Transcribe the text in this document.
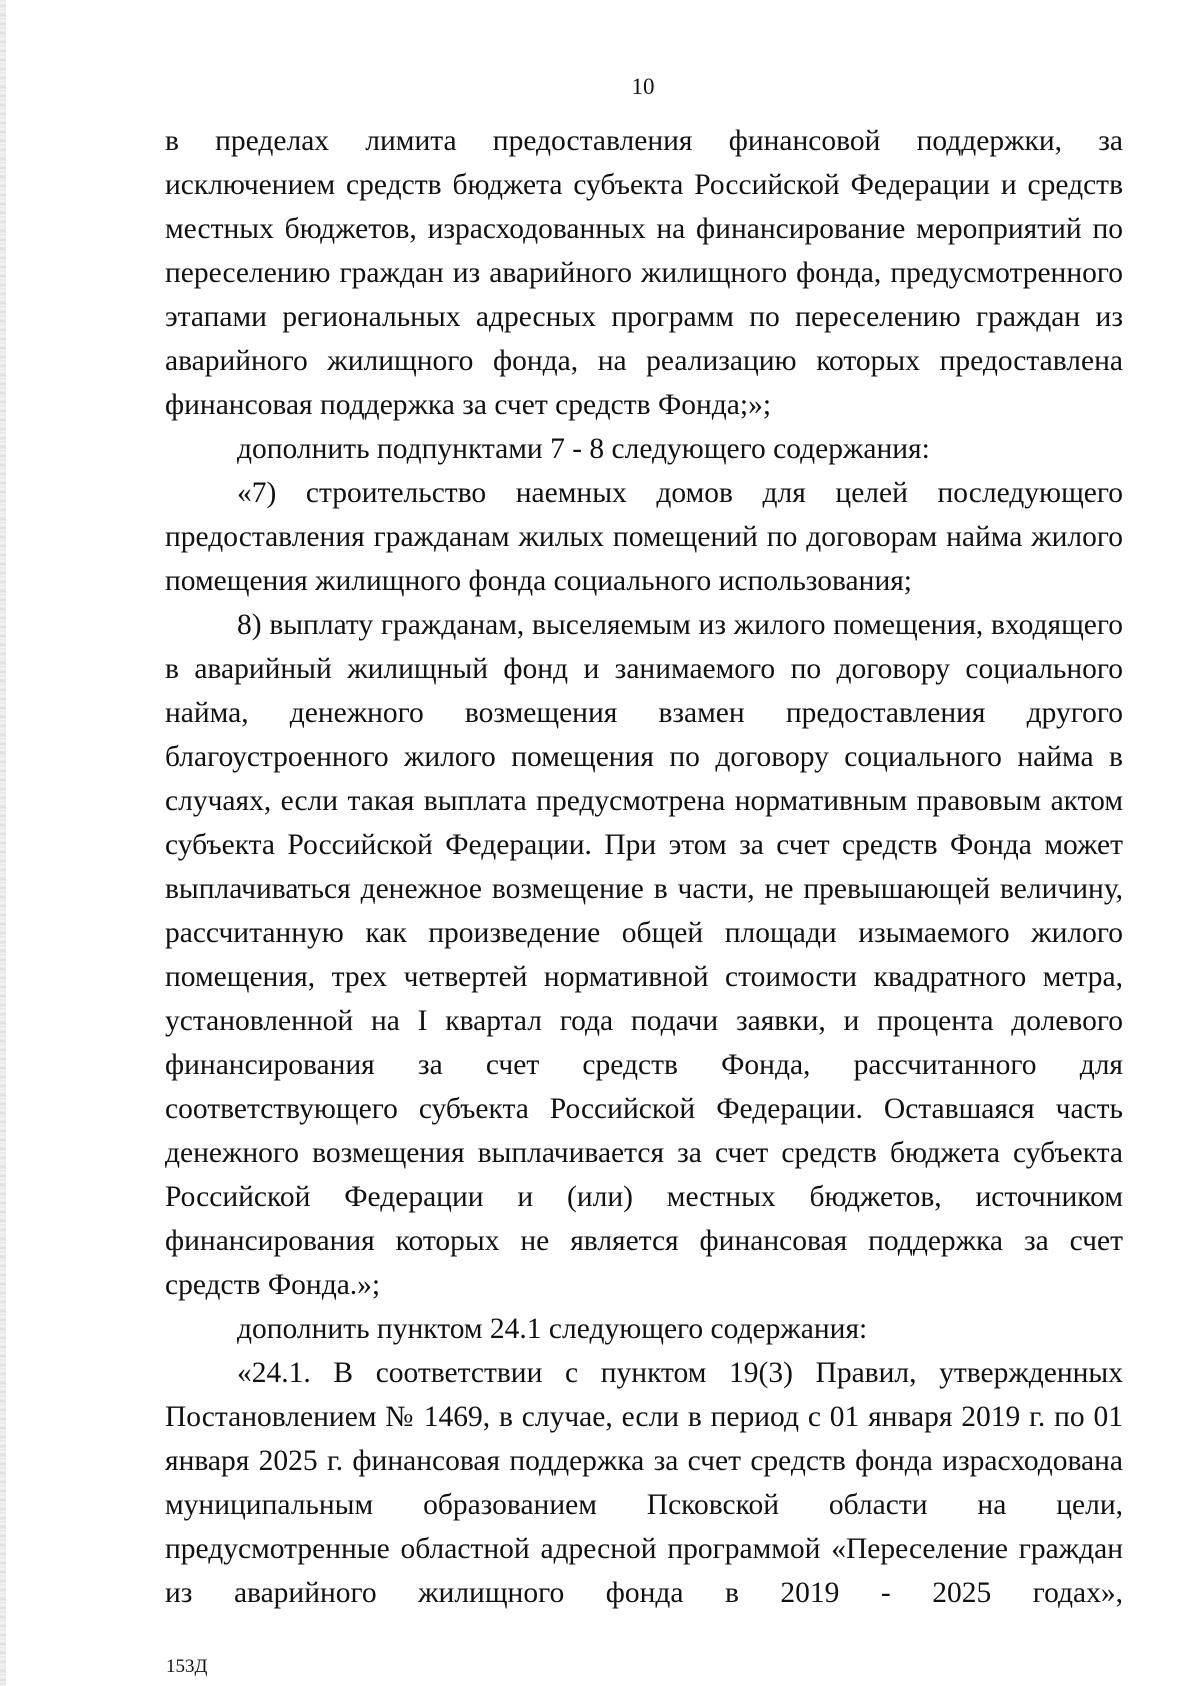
10

в пределах лимита предоставления финансовой поддержки, за исключением средств бюджета субъекта Российской Федерации и средств местных бюджетов, израсходованных на финансирование мероприятий по переселению граждан из аварийного жилищного фонда, предусмотренного этапами региональных адресных программ по переселению граждан из аварийного жилищного фонда, на реализацию которых предоставлена финансовая поддержка за счет средств Фонда;»;

дополнить подпунктами 7 - 8 следующего содержания:

«7) строительство наемных домов для целей последующего предоставления гражданам жилых помещений по договорам найма жилого помещения жилищного фонда социального использования;

8) выплату гражданам, выселяемым из жилого помещения, входящего в аварийный жилищный фонд и занимаемого по договору социального найма, денежного возмещения взамен предоставления другого благоустроенного жилого помещения по договору социального найма в случаях, если такая выплата предусмотрена нормативным правовым актом субъекта Российской Федерации. При этом за счет средств Фонда может выплачиваться денежное возмещение в части, не превышающей величину, рассчитанную как произведение общей площади изымаемого жилого помещения, трех четвертей нормативной стоимости квадратного метра, установленной на I квартал года подачи заявки, и процента долевого финансирования за счет средств Фонда, рассчитанного для соответствующего субъекта Российской Федерации. Оставшаяся часть денежного возмещения выплачивается за счет средств бюджета субъекта Российской Федерации и (или) местных бюджетов, источником финансирования которых не является финансовая поддержка за счет средств Фонда.»;

дополнить пунктом 24.1 следующего содержания:

«24.1. В соответствии с пунктом 19(3) Правил, утвержденных Постановлением № 1469, в случае, если в период с 01 января 2019 г. по 01 января 2025 г. финансовая поддержка за счет средств фонда израсходована муниципальным образованием Псковской области на цели, предусмотренные областной адресной программой «Переселение граждан из аварийного жилищного фонда в 2019 - 2025 годах»,

153Д
